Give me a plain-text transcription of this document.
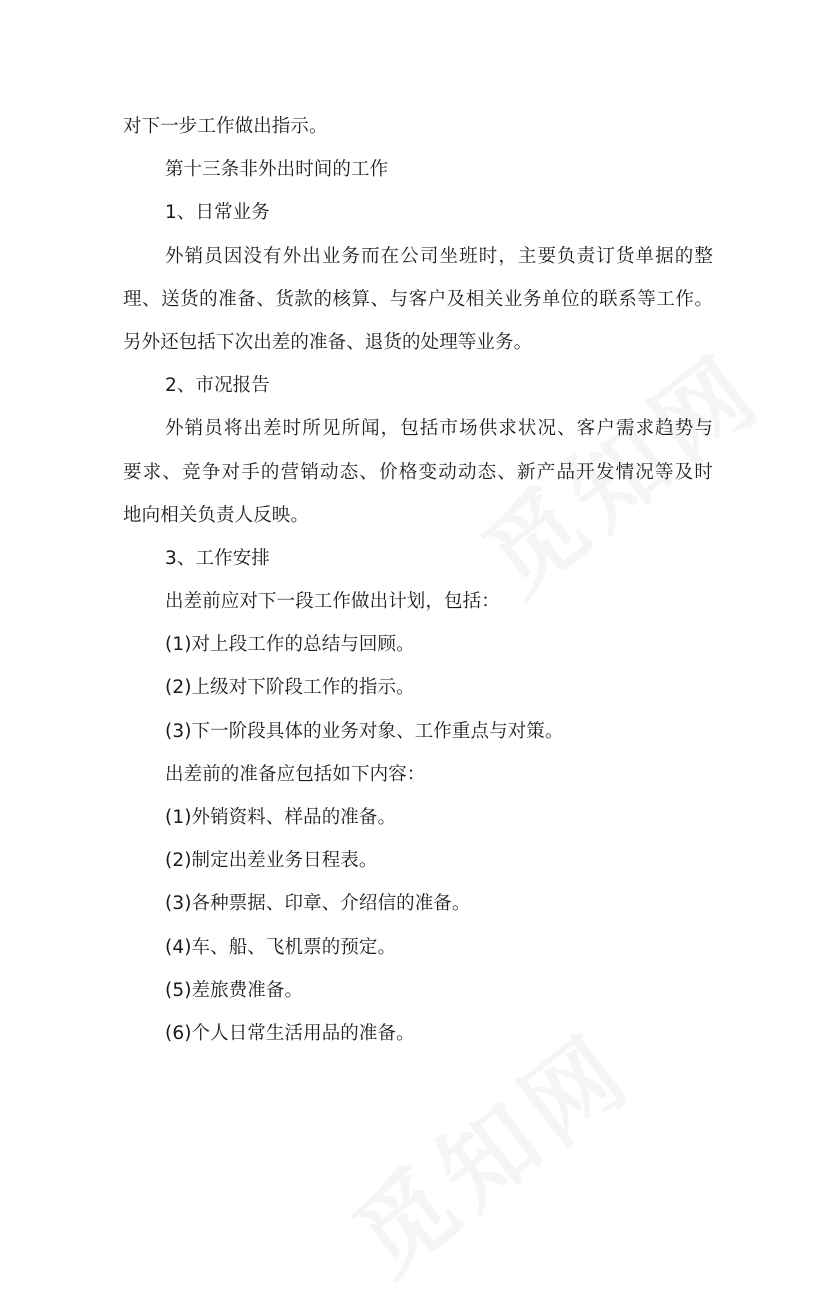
对下一步工作做出指示。
第十三条非外出时间的工作
1、日常业务
外销员因没有外出业务而在公司坐班时，主要负责订货单据的整
理、送货的准备、货款的核算、与客户及相关业务单位的联系等工作。
另外还包括下次出差的准备、退货的处理等业务。
2、市况报告
外销员将出差时所见所闻，包括市场供求状况、客户需求趋势与
要求、竞争对手的营销动态、价格变动动态、新产品开发情况等及时
地向相关负责人反映。
3、工作安排
出差前应对下一段工作做出计划，包括：
(1)对上段工作的总结与回顾。
(2)上级对下阶段工作的指示。
(3)下一阶段具体的业务对象、工作重点与对策。
出差前的准备应包括如下内容：
(1)外销资料、样品的准备。
(2)制定出差业务日程表。
(3)各种票据、印章、介绍信的准备。
(4)车、船、飞机票的预定。
(5)差旅费准备。
(6)个人日常生活用品的准备。
